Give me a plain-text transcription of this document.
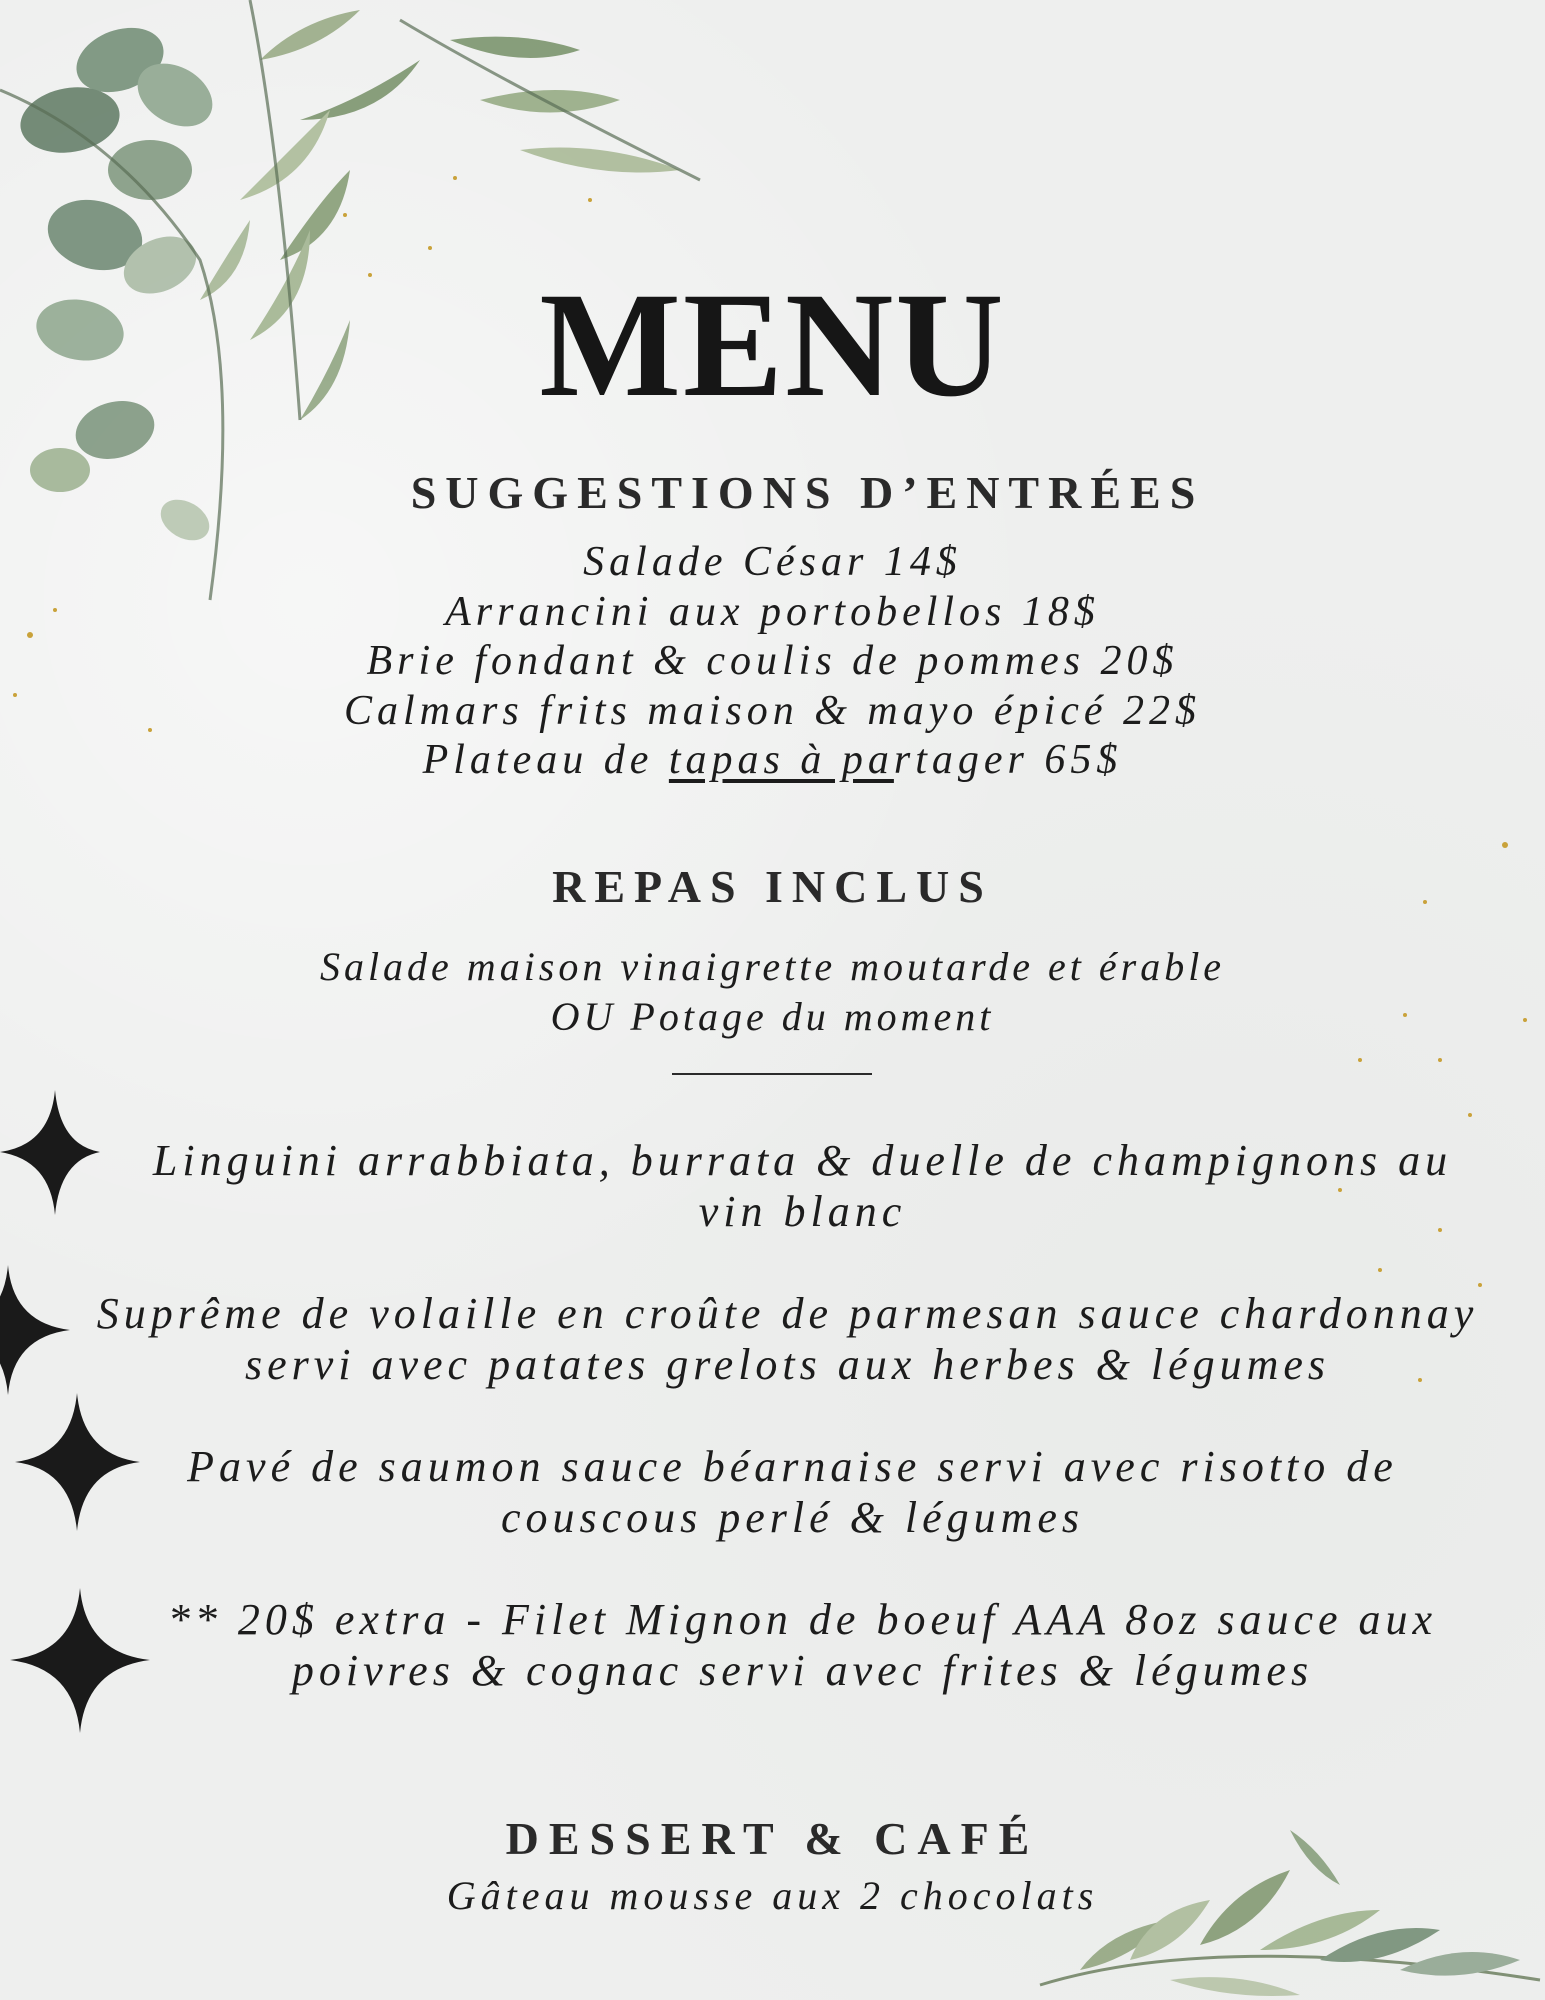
MENU
SUGGESTIONS D’ENTRÉES
Salade César 14$
Arrancini aux portobellos 18$
Brie fondant & coulis de pommes 20$
Calmars frits maison & mayo épicé 22$
Plateau de tapas à partager 65$
REPAS INCLUS
Salade maison vinaigrette moutarde et érable
OU Potage du moment
Linguini arrabbiata, burrata & duelle de champignons au
vin blanc
Suprême de volaille en croûte de parmesan sauce chardonnay
servi avec patates grelots aux herbes & légumes
Pavé de saumon sauce béarnaise servi avec risotto de
couscous perlé & légumes
** 20$ extra - Filet Mignon de boeuf AAA 8oz sauce aux
poivres & cognac servi avec frites & légumes
DESSERT & CAFÉ
Gâteau mousse aux 2 chocolats
